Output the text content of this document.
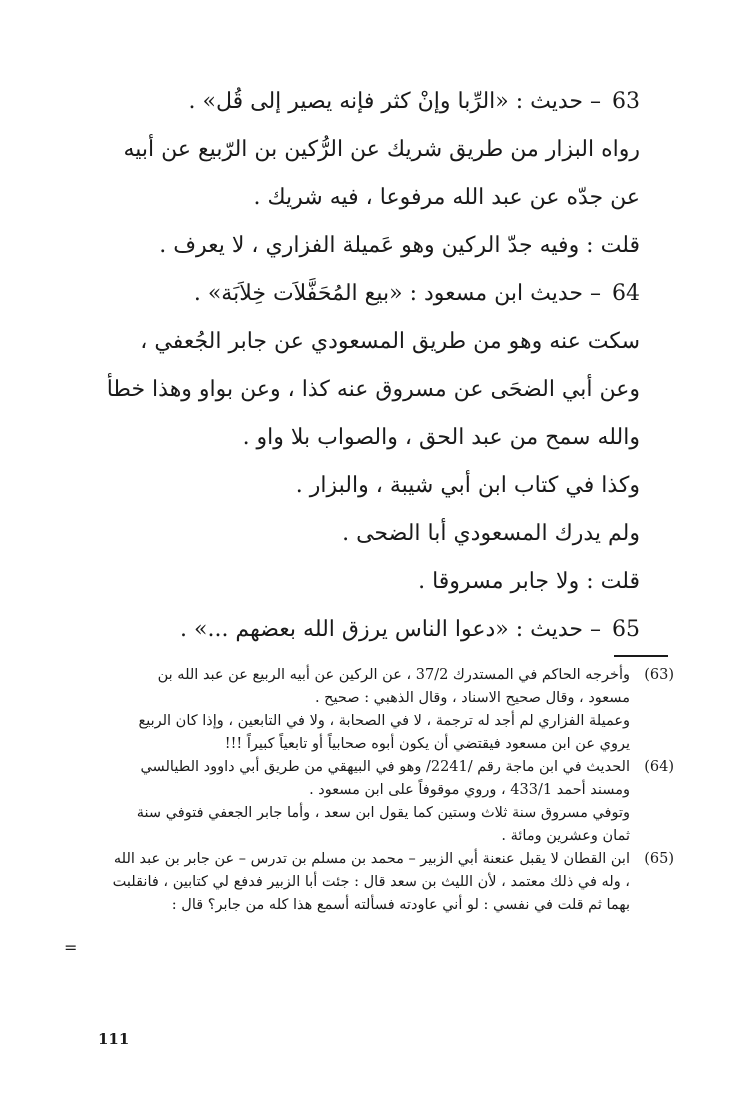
63 – حديث : «الرِّبا وإنْ كثر فإنه يصير إلى قُل» .

رواه البزار من طريق شريك عن الرُّكين بن الرّبيع عن أبيه عن جدّه عن عبد الله مرفوعا ، فيه شريك .

قلت : وفيه جدّ الركين وهو عَميلة الفزاري ، لا يعرف .

64 – حديث ابن مسعود : «بيع المُحَفَّلاَت خِلاَبَة» .

سكت عنه وهو من طريق المسعودي عن جابر الجُعفي ، وعن أبي الضحَى عن مسروق عنه كذا ، وعن بواو وهذا خطأ والله سمح من عبد الحق ، والصواب بلا واو .

وكذا في كتاب ابن أبي شيبة ، والبزار .

ولم يدرك المسعودي أبا الضحى .

قلت : ولا جابر مسروقا .

65 – حديث : «دعوا الناس يرزق الله بعضهم ...» .

(63)
وأخرجه الحاكم في المستدرك 37/2 ، عن الركين عن أبيه الربيع عن عبد الله بن مسعود ، وقال صحيح الاسناد ، وقال الذهبي : صحيح .

وعميلة الفزاري لم أجد له ترجمة ، لا في الصحابة ، ولا في التابعين ، وإذا كان الربيع يروي عن ابن مسعود فيقتضي أن يكون أبوه صحابياً أو تابعياً كبيراً !!!

(64)
الحديث في ابن ماجة رقم /2241/ وهو في البيهقي من طريق أبي داوود الطيالسي ومسند أحمد 433/1 ، وروي موقوفاً على ابن مسعود .

وتوفي مسروق سنة ثلاث وستين كما يقول ابن سعد ، وأما جابر الجعفي فتوفي سنة ثمان وعشرين ومائة .

(65)
ابن القطان لا يقبل عنعنة أبي الزبير – محمد بن مسلم بن تدرس – عن جابر بن عبد الله ، وله في ذلك معتمد ، لأن الليث بن سعد قال : جئت أبا الزبير فدفع لي كتابين ، فانقلبت بهما ثم قلت في نفسي : لو أني عاودته فسألته أسمع هذا كله من جابر؟ قال :

=
111
